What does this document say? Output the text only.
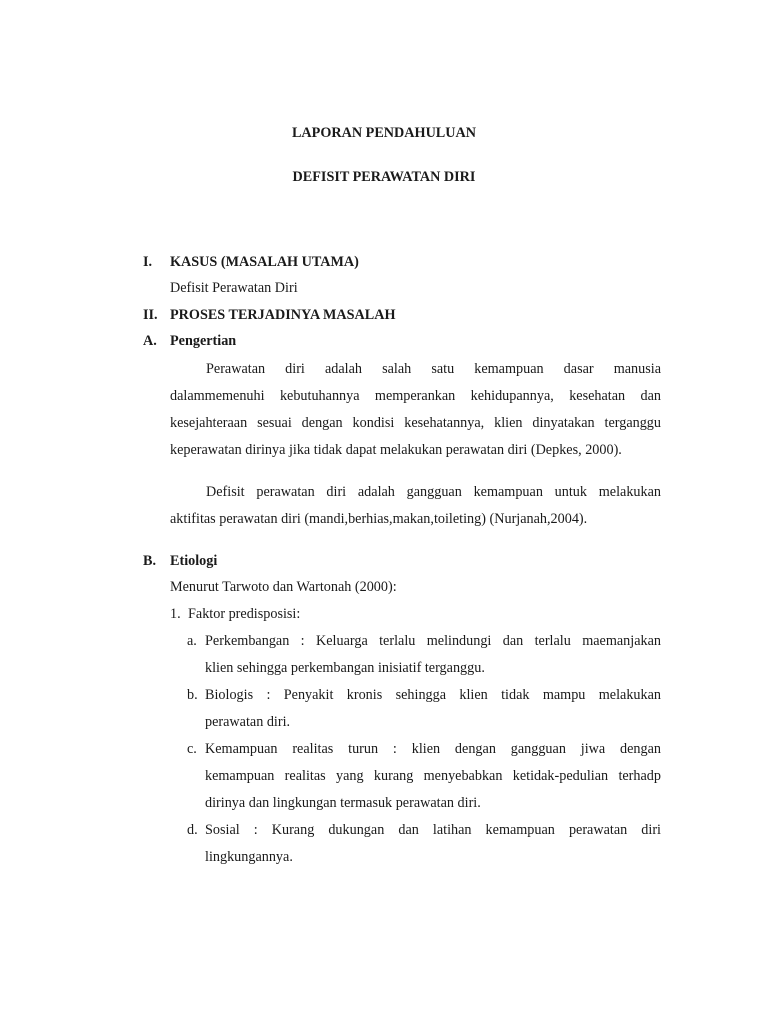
LAPORAN PENDAHULUAN
DEFISIT PERAWATAN DIRI
I. KASUS (MASALAH UTAMA)
Defisit Perawatan Diri
II. PROSES TERJADINYA MASALAH
A. Pengertian
Perawatan diri adalah salah satu kemampuan dasar manusia
dalammemenuhi kebutuhannya memperankan kehidupannya, kesehatan dan
kesejahteraan sesuai dengan kondisi kesehatannya, klien dinyatakan terganggu
keperawatan dirinya jika tidak dapat melakukan perawatan diri (Depkes, 2000).
Defisit perawatan diri adalah gangguan kemampuan untuk melakukan
aktifitas perawatan diri (mandi,berhias,makan,toileting) (Nurjanah,2004).
B. Etiologi
Menurut Tarwoto dan Wartonah (2000):
1. Faktor predisposisi:
a. Perkembangan : Keluarga terlalu melindungi dan terlalu maemanjakan
klien sehingga perkembangan inisiatif terganggu.
b. Biologis : Penyakit kronis sehingga klien tidak mampu melakukan
perawatan diri.
c. Kemampuan realitas turun : klien dengan gangguan jiwa dengan
kemampuan realitas yang kurang menyebabkan ketidak-pedulian terhadp
dirinya dan lingkungan termasuk perawatan diri.
d. Sosial : Kurang dukungan dan latihan kemampuan perawatan diri
lingkungannya.
